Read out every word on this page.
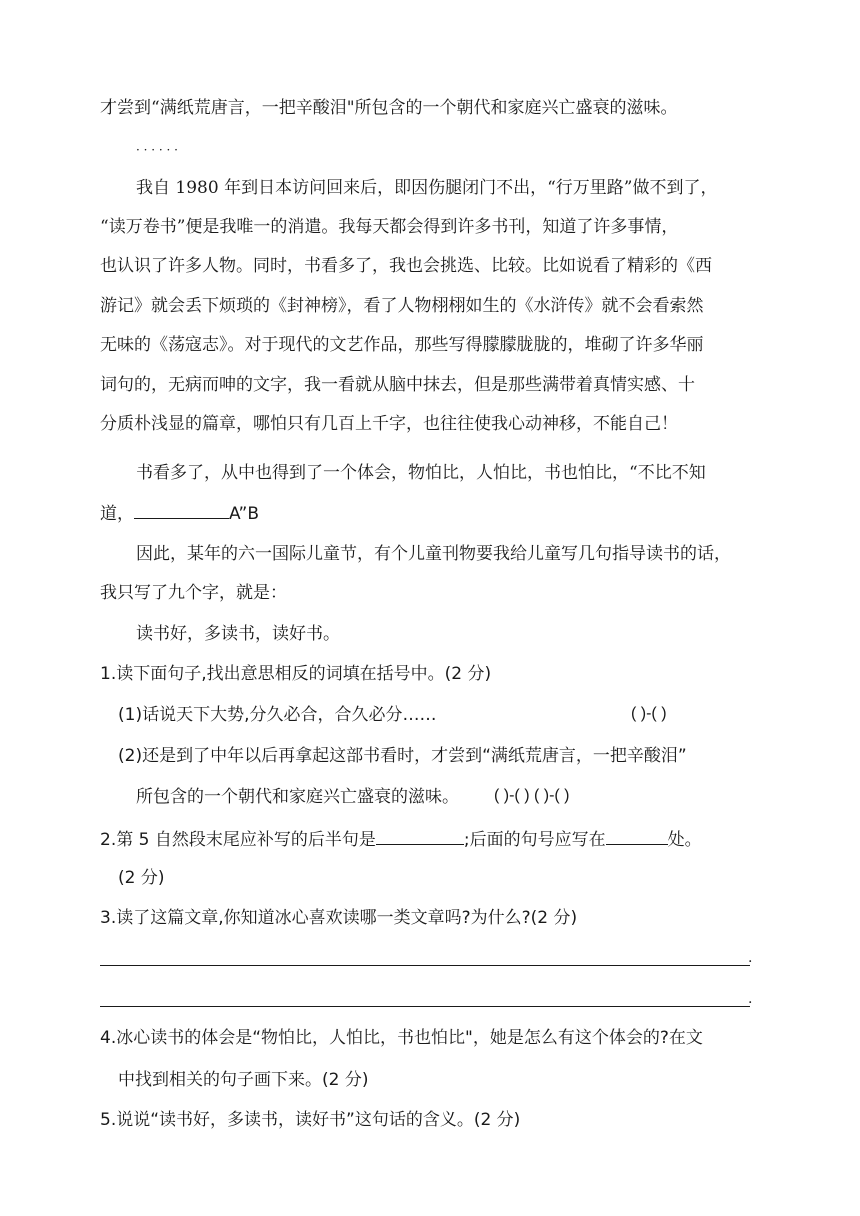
才尝到“满纸荒唐言，一把辛酸泪"所包含的一个朝代和家庭兴亡盛衰的滋味。
· · · · · ·
我自 1980 年到日本访问回来后，即因伤腿闭门不出，“行万里路”做不到了，
“读万卷书”便是我唯一的消遣。我每天都会得到许多书刊，知道了许多事情，
也认识了许多人物。同时，书看多了，我也会挑选、比较。比如说看了精彩的《西
游记》就会丢下烦琐的《封神榜》，看了人物栩栩如生的《水浒传》就不会看索然
无味的《荡寇志》。对于现代的文艺作品，那些写得朦朦胧胧的，堆砌了许多华丽
词句的，无病而呻的文字，我一看就从脑中抹去，但是那些满带着真情实感、十
分质朴浅显的篇章，哪怕只有几百上千字，也往往使我心动神移，不能自己！
书看多了，从中也得到了一个体会，物怕比，人怕比，书也怕比，“不比不知
道，	A”B
因此，某年的六一国际儿童节，有个儿童刊物要我给儿童写几句指导读书的话，
我只写了九个字，就是：
读书好，多读书，读好书。
1.读下面句子,找出意思相反的词填在括号中。(2 分)
(1)话说天下大势,分久必合，合久必分……	( )-( )
(2)还是到了中年以后再拿起这部书看时，才尝到“满纸荒唐言，一把辛酸泪”
所包含的一个朝代和家庭兴亡盛衰的滋味。 ( )-( ) ( )-( )
2.第 5 自然段末尾应补写的后半句是	;后面的句号应写在	处。
(2 分)
3.读了这篇文章,你知道冰心喜欢读哪一类文章吗?为什么?(2 分)
.
.
4.冰心读书的体会是“物怕比，人怕比，书也怕比"，她是怎么有这个体会的?在文
中找到相关的句子画下来。(2 分)
5.说说“读书好，多读书，读好书”这句话的含义。(2 分)
